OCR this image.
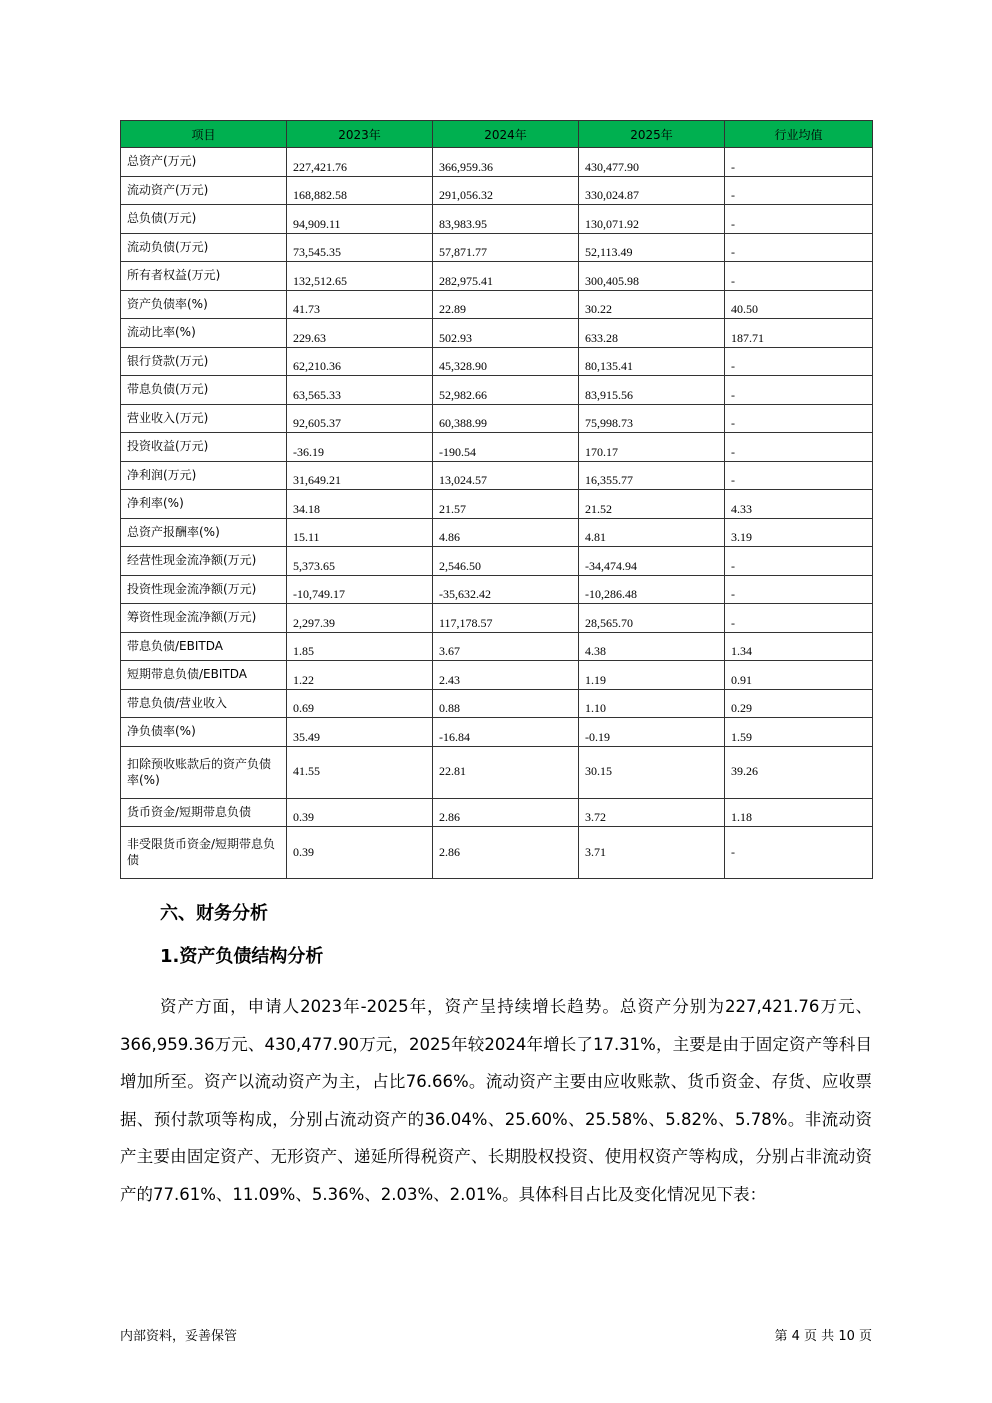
项目	2023年	2024年	2025年	行业均值
总资产(万元)	227,421.76	366,959.36	430,477.90	-
流动资产(万元)	168,882.58	291,056.32	330,024.87	-
总负债(万元)	94,909.11	83,983.95	130,071.92	-
流动负债(万元)	73,545.35	57,871.77	52,113.49	-
所有者权益(万元)	132,512.65	282,975.41	300,405.98	-
资产负债率(%)	41.73	22.89	30.22	40.50
流动比率(%)	229.63	502.93	633.28	187.71
银行贷款(万元)	62,210.36	45,328.90	80,135.41	-
带息负债(万元)	63,565.33	52,982.66	83,915.56	-
营业收入(万元)	92,605.37	60,388.99	75,998.73	-
投资收益(万元)	-36.19	-190.54	170.17	-
净利润(万元)	31,649.21	13,024.57	16,355.77	-
净利率(%)	34.18	21.57	21.52	4.33
总资产报酬率(%)	15.11	4.86	4.81	3.19
经营性现金流净额(万元)	5,373.65	2,546.50	-34,474.94	-
投资性现金流净额(万元)	-10,749.17	-35,632.42	-10,286.48	-
筹资性现金流净额(万元)	2,297.39	117,178.57	28,565.70	-
带息负债/EBITDA	1.85	3.67	4.38	1.34
短期带息负债/EBITDA	1.22	2.43	1.19	0.91
带息负债/营业收入	0.69	0.88	1.10	0.29
净负债率(%)	35.49	-16.84	-0.19	1.59
扣除预收账款后的资产负债率(%)	41.55	22.81	30.15	39.26
货币资金/短期带息负债	0.39	2.86	3.72	1.18
非受限货币资金/短期带息负债	0.39	2.86	3.71	-
六、财务分析
1.资产负债结构分析
资产方面，申请人2023年-2025年，资产呈持续增长趋势。总资产分别为227,421.76万元、366,959.36万元、430,477.90万元，2025年较2024年增长了17.31%，主要是由于固定资产等科目增加所至。资产以流动资产为主，占比76.66%。流动资产主要由应收账款、货币资金、存货、应收票据、预付款项等构成，分别占流动资产的36.04%、25.60%、25.58%、5.82%、5.78%。非流动资产主要由固定资产、无形资产、递延所得税资产、长期股权投资、使用权资产等构成，分别占非流动资产的77.61%、11.09%、5.36%、2.03%、2.01%。具体科目占比及变化情况见下表：
内部资料，妥善保管	第 4 页 共 10 页
